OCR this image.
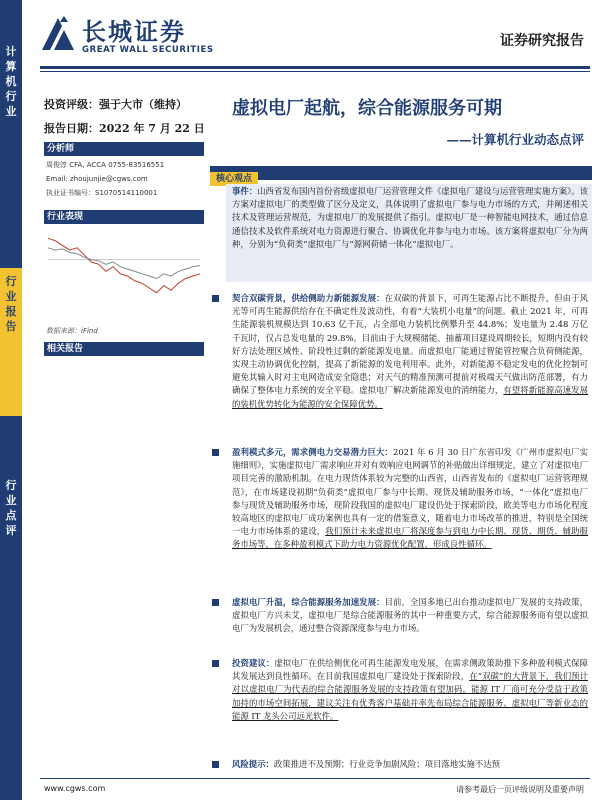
计
算
机
行
业
行
业
报
告
行
业
点
评
长城证券
GREAT WALL SECURITIES
证券研究报告
投资评级：强于大市（维持）
报告日期：2022 年 7 月 22 日
分析师
周俊淳 CFA, ACCA 0755-83516551
Email: zhoujunjie@cgws.com
执业证书编号：S1070514110001
行业表现
数据来源：iFind
相关报告
虚拟电厂起航，综合能源服务可期
——计算机行业动态点评
核心观点
事件：山西省发布国内首份省级虚拟电厂运营管理文件《虚拟电厂建设与运营管理实施方案》。该方案对虚拟电厂的类型做了区分及定义，具体说明了虚拟电厂参与电力市场的方式，并阐述相关技术及管理运营规范，为虚拟电厂的发展提供了指引。虚拟电厂是一种智能电网技术，通过信息通信技术及软件系统对电力资源进行聚合、协调优化并参与电力市场。该方案将虚拟电厂分为两种，分别为“负荷类”虚拟电厂与“源网荷储一体化”虚拟电厂。
契合双碳背景，供给侧助力新能源发展：在双碳的背景下，可再生能源占比不断提升，但由于风光等可再生能源供给存在不确定性及波动性，有着“大装机小电量”的问题。截止 2021 年，可再生能源装机规模达到 10.63 亿千瓦，占全部电力装机比例攀升至 44.8%；发电量为 2.48 万亿千瓦时，仅占总发电量的 29.8%。目前由于大规模储能、抽蓄项目建设周期较长，短期内没有较好方法处理区域性、阶段性过剩的新能源发电量。而虚拟电厂能通过智能管控聚合负荷侧能源，实现主动协调优化控制，提高了新能源的发电利用率。此外，对新能源不稳定发电的优化控制可避免其输入时对主电网造成安全隐患；对天气的精准预测可提前对极端天气做出防范部署，有力确保了整体电力系统的安全平稳。虚拟电厂解决新能源发电的消纳能力，有望将新能源高速发展的装机优势转化为能源的安全保障优势。
盈利模式多元，需求侧电力交易潜力巨大：2021 年 6 月 30 日广东省印发《广州市虚拟电厂实施细则》，实施虚拟电厂需求响应并对有效响应电网调节的补贴做出详细规定，建立了对虚拟电厂项目完善的激励机制。在电力现货体系较为完整的山西省，山西省发布的《虚拟电厂运营管理规范》，在市场建设初期“负荷类”虚拟电厂参与中长期、现货及辅助服务市场，“一体化”虚拟电厂参与现货及辅助服务市场，现阶段我国的虚拟电厂建设仍处于探索阶段，欧美等电力市场化程度较高地区的虚拟电厂成功案例也具有一定的借鉴意义，随着电力市场改革的推进，特别是全国统一电力市场体系的建设，我们预计未来虚拟电厂将深度参与到电力中长期、现货、期货、辅助服务市场等，在多种盈利模式下助力电力资源优化配置，形成良性循环。
虚拟电厂升温，综合能源服务加速发展：目前，全国多地已出台推动虚拟电厂发展的支持政策，虚拟电厂方兴未艾，虚拟电厂是综合能源服务的其中一种重要方式，综合能源服务商有望以虚拟电厂为发展机会，通过整合资源深度参与电力市场。
投资建议：虚拟电厂在供给侧优化可再生能源发电发展，在需求侧政策助推下多种盈利模式保障其发展达到良性循环。在目前我国虚拟电厂建设处于探索阶段，在“双碳”的大背景下，我们预计对以虚拟电厂为代表的综合能源服务发展的支持政策有望加码。能源 IT 厂商可充分受益于政策加持的市场空间拓展，建议关注有优秀客户基础并率先布局综合能源服务、虚拟电厂等新业态的能源 IT 龙头公司远光软件。
风险提示：政策推进不及预期；行业竞争加剧风险；项目落地实施不达预
www.cgws.com	请参考最后一页评级说明及重要声明
